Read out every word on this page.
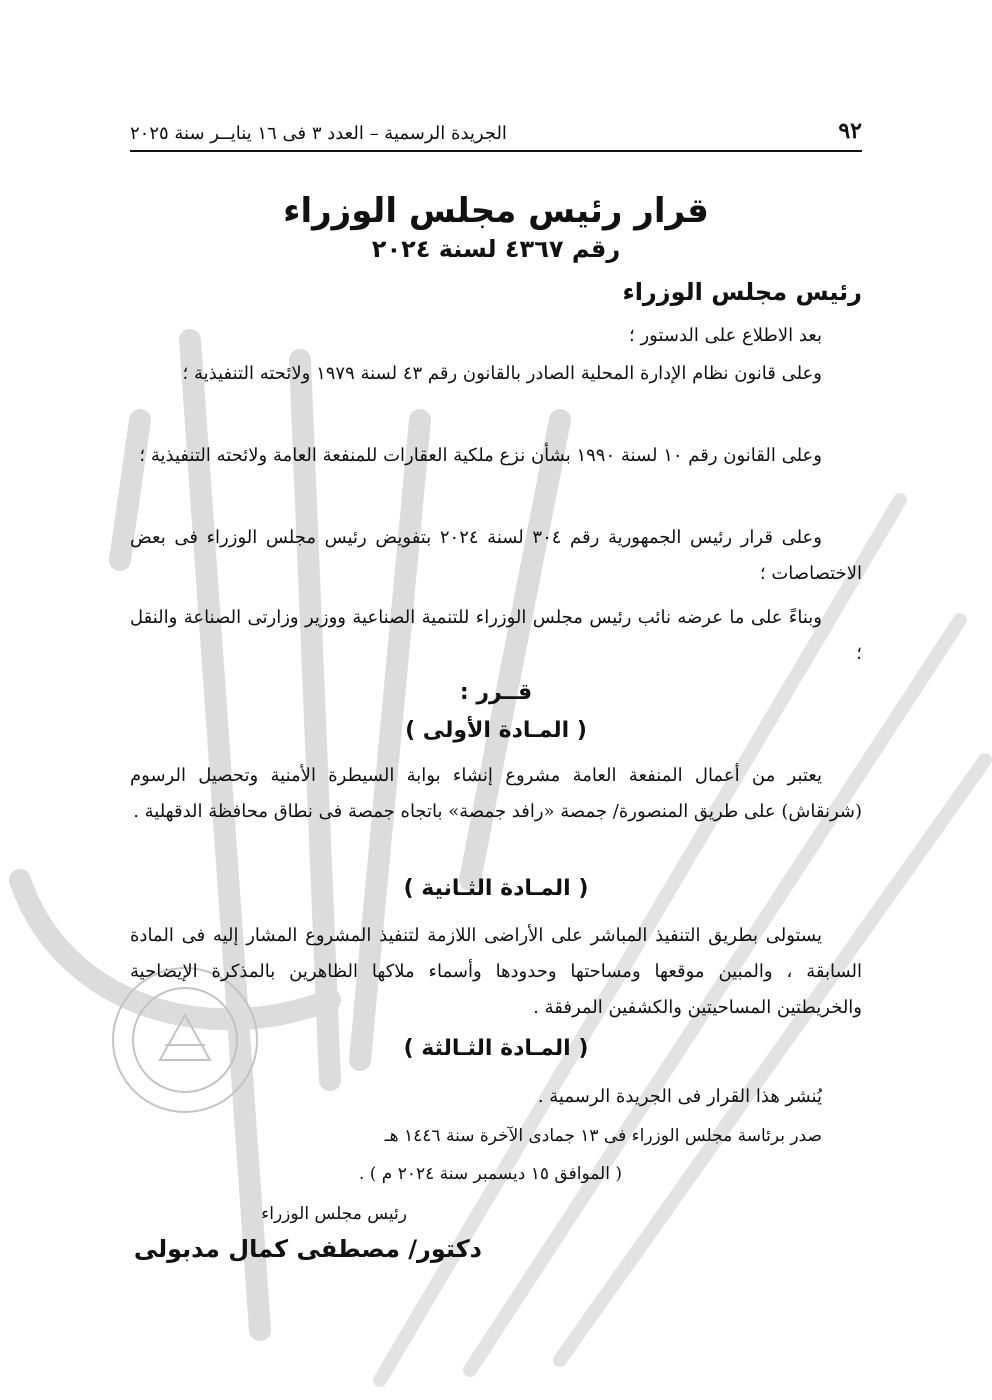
٩٢
الجريدة الرسمية – العدد ٣ فى ١٦ ينايــر سنة ٢٠٢٥
قرار رئيس مجلس الوزراء
رقم ٤٣٦٧ لسنة ٢٠٢٤
رئيس مجلس الوزراء
بعد الاطلاع على الدستور ؛
وعلى قانون نظام الإدارة المحلية الصادر بالقانون رقم ٤٣ لسنة ١٩٧٩ ولائحته التنفيذية ؛
وعلى القانون رقم ١٠ لسنة ١٩٩٠ بشأن نزع ملكية العقارات للمنفعة العامة ولائحته التنفيذية ؛
وعلى قرار رئيس الجمهورية رقم ٣٠٤ لسنة ٢٠٢٤ بتفويض رئيس مجلس الوزراء فى بعض الاختصاصات ؛
وبناءً على ما عرضه نائب رئيس مجلس الوزراء للتنمية الصناعية ووزير وزارتى الصناعة والنقل ؛
قــرر :
( المـادة الأولى )
يعتبر من أعمال المنفعة العامة مشروع إنشاء بوابة السيطرة الأمنية وتحصيل الرسوم (شرنقاش) على طريق المنصورة/ جمصة «رافد جمصة» باتجاه جمصة فى نطاق محافظة الدقهلية .
( المـادة الثـانية )
يستولى بطريق التنفيذ المباشر على الأراضى اللازمة لتنفيذ المشروع المشار إليه فى المادة السابقة ، والمبين موقعها ومساحتها وحدودها وأسماء ملاكها الظاهرين بالمذكرة الإيضاحية والخريطتين المساحيتين والكشفين المرفقة .
( المـادة الثـالثة )
يُنشر هذا القرار فى الجريدة الرسمية .
صدر برئاسة مجلس الوزراء فى ١٣ جمادى الآخرة سنة ١٤٤٦ هـ
( الموافق ١٥ ديسمبر سنة ٢٠٢٤ م ) .
رئيس مجلس الوزراء
دكتور/ مصطفى كمال مدبولى
